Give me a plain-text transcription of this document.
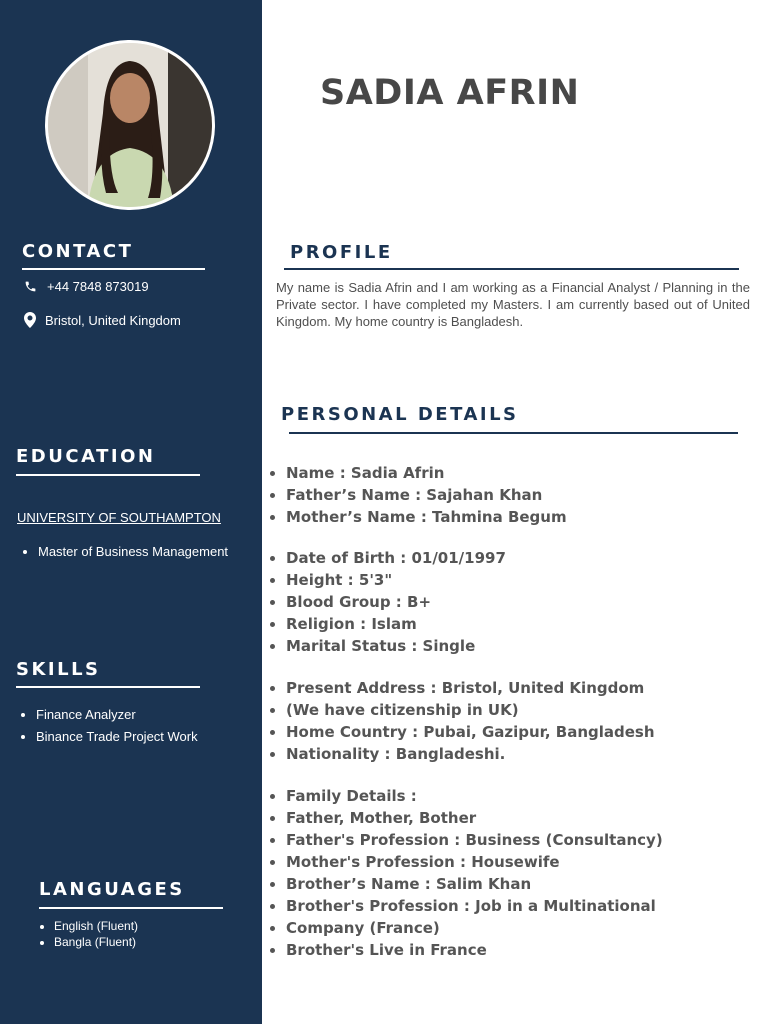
CONTACT
+44 7848 873019
Bristol, United Kingdom
EDUCATION
UNIVERSITY OF SOUTHAMPTON
• Master of Business Management
SKILLS
• Finance Analyzer
• Binance Trade Project Work
LANGUAGES
• English (Fluent)
• Bangla (Fluent)
SADIA AFRIN
PROFILE

My name is Sadia Afrin and I am working as a Financial Analyst / Planning in the Private sector. I have completed my Masters. I am currently based out of United Kingdom. My home country is Bangladesh.

PERSONAL DETAILS
• Name : Sadia Afrin
• Father’s Name : Sajahan Khan
• Mother’s Name : Tahmina Begum
• Date of Birth : 01/01/1997
• Height : 5'3"
• Blood Group : B+
• Religion : Islam
• Marital Status : Single
• Present Address : Bristol, United Kingdom
• (We have citizenship in UK)
• Home Country : Pubai, Gazipur, Bangladesh
• Nationality : Bangladeshi.
• Family Details :
• Father, Mother, Bother
• Father's Profession : Business (Consultancy)
• Mother's Profession : Housewife
• Brother’s Name : Salim Khan
• Brother's Profession : Job in a Multinational
• Company (France)
• Brother's Live in France
